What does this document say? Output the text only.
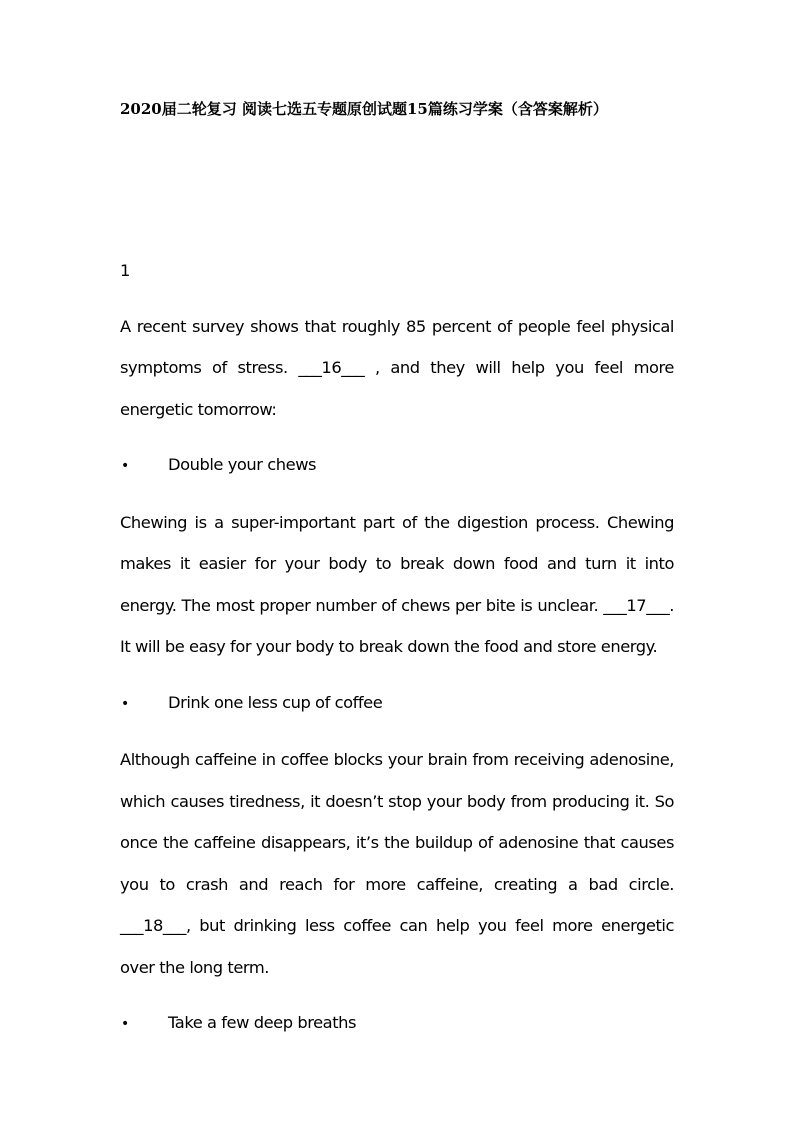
2020届二轮复习 阅读七选五专题原创试题15篇练习学案（含答案解析）
1

A recent survey shows that roughly 85 percent of people feel physical symptoms of stress. ___16___ , and they will help you feel more energetic tomorrow:

•	Double your chews

Chewing is a super-important part of the digestion process. Chewing makes it easier for your body to break down food and turn it into energy. The most proper number of chews per bite is unclear. ___17___. It will be easy for your body to break down the food and store energy.

•	Drink one less cup of coffee

Although caffeine in coffee blocks your brain from receiving adenosine, which causes tiredness, it doesn’t stop your body from producing it. So once the caffeine disappears, it’s the buildup of adenosine that causes you to crash and reach for more caffeine, creating a bad circle. ___18___, but drinking less coffee can help you feel more energetic over the long term.

•	Take a few deep breaths
